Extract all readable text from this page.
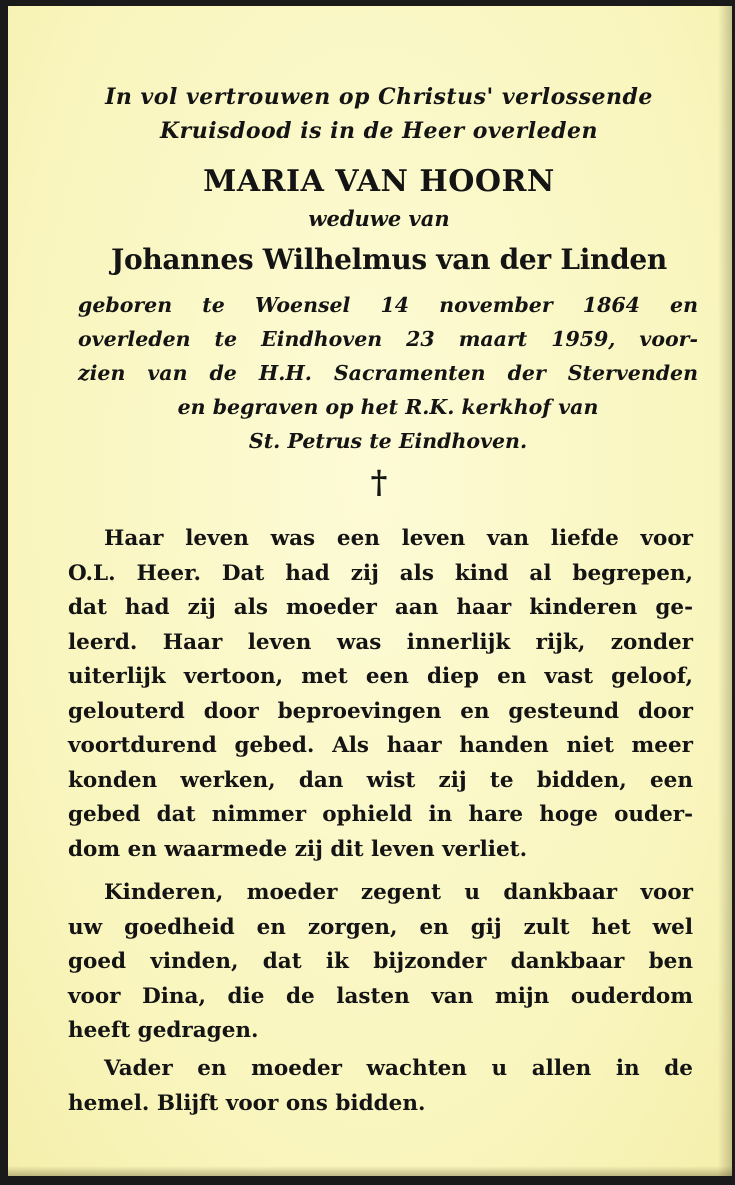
In vol vertrouwen op Christus' verlossende
Kruisdood is in de Heer overleden
MARIA VAN HOORN
weduwe van
Johannes Wilhelmus van der Linden
geboren te Woensel 14 november 1864 en
overleden te Eindhoven 23 maart 1959, voor-
zien van de H.H. Sacramenten der Stervenden
en begraven op het R.K. kerkhof van
St. Petrus te Eindhoven.
†
Haar leven was een leven van liefde voor
O.L. Heer. Dat had zij als kind al begrepen,
dat had zij als moeder aan haar kinderen ge-
leerd. Haar leven was innerlijk rijk, zonder
uiterlijk vertoon, met een diep en vast geloof,
gelouterd door beproevingen en gesteund door
voortdurend gebed. Als haar handen niet meer
konden werken, dan wist zij te bidden, een
gebed dat nimmer ophield in hare hoge ouder-
dom en waarmede zij dit leven verliet.
Kinderen, moeder zegent u dankbaar voor
uw goedheid en zorgen, en gij zult het wel
goed vinden, dat ik bijzonder dankbaar ben
voor Dina, die de lasten van mijn ouderdom
heeft gedragen.
Vader en moeder wachten u allen in de
hemel. Blijft voor ons bidden.
